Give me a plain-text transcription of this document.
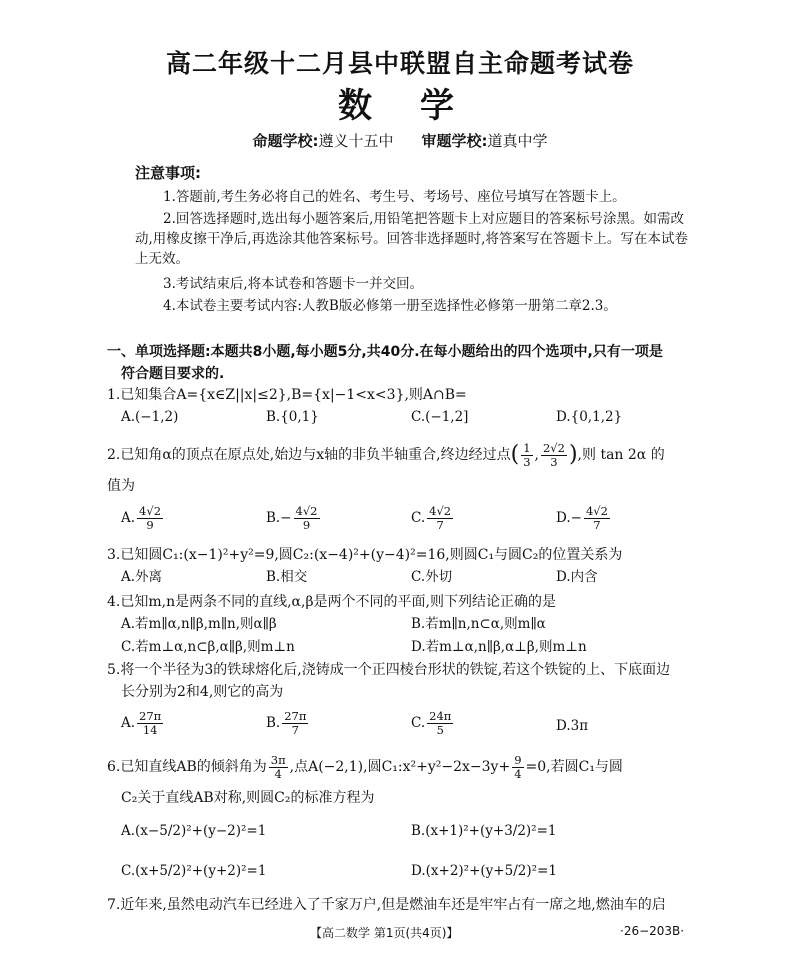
高二年级十二月县中联盟自主命题考试卷
数学
命题学校:遵义十五中 审题学校:道真中学
注意事项:
1.答题前,考生务必将自己的姓名、考生号、考场号、座位号填写在答题卡上。
2.回答选择题时,选出每小题答案后,用铅笔把答题卡上对应题目的答案标号涂黑。如需改动,用橡皮擦干净后,再选涂其他答案标号。回答非选择题时,将答案写在答题卡上。写在本试卷上无效。
3.考试结束后,将本试卷和答题卡一并交回。
4.本试卷主要考试内容:人教B版必修第一册至选择性必修第一册第二章2.3。
一、单项选择题:本题共8小题,每小题5分,共40分.在每小题给出的四个选项中,只有一项是
符合题目要求的.
1.已知集合A={x∈Z||x|≤2},B={x|−1<x<3},则A∩B=
A.(−1,2)	B.{0,1}	C.(−1,2]	D.{0,1,2}
2.已知角α的顶点在原点处,始边与x轴的非负半轴重合,终边经过点( $\frac{1}{3}$ , $\frac{2√2}{3}$ ),则 tan 2α 的
值为
A. $\frac{4√2}{9}$	$B.- \frac{4√2}{9}$	C. $\frac{4√2}{7}$	$D.- \frac{4√2}{7}$
3.已知圆C₁:(x−1)²+y²=9,圆C₂:(x−4)²+(y−4)²=16,则圆C₁与圆C₂的位置关系为
A.外离	B.相交	C.外切	D.内含
4.已知m,n是两条不同的直线,α,β是两个不同的平面,则下列结论正确的是
A.若m∥α,n∥β,m∥n,则α∥β	B.若m∥n,n⊂α,则m∥α
C.若m⊥α,n⊂β,α∥β,则m⊥n	D.若m⊥α,n∥β,α⊥β,则m⊥n
5.将一个半径为3的铁球熔化后,浇铸成一个正四棱台形状的铁锭,若这个铁锭的上、下底面边
长分别为2和4,则它的高为
A. $\frac{27\pi}{14}$	B. $\frac{27\pi}{7}$	C. $\frac{24\pi}{5}$	D.3π
6.已知直线AB的倾斜角为 $\frac{3\pi}{4}$ ,点A(−2,1),圆C₁:x²+y²−2x−3y+ $\frac{9}{4} =0$,若圆C₁与圆
C₂关于直线AB对称,则圆C₂的标准方程为
A.(x−5/2)²+(y−2)²=1	B.(x+1)²+(y+3/2)²=1
C.(x+5/2)²+(y+2)²=1	D.(x+2)²+(y+5/2)²=1
7.近年来,虽然电动汽车已经进入了千家万户,但是燃油车还是牢牢占有一席之地,燃油车的启
【高二数学 第1页(共4页)】	·26−203B·
